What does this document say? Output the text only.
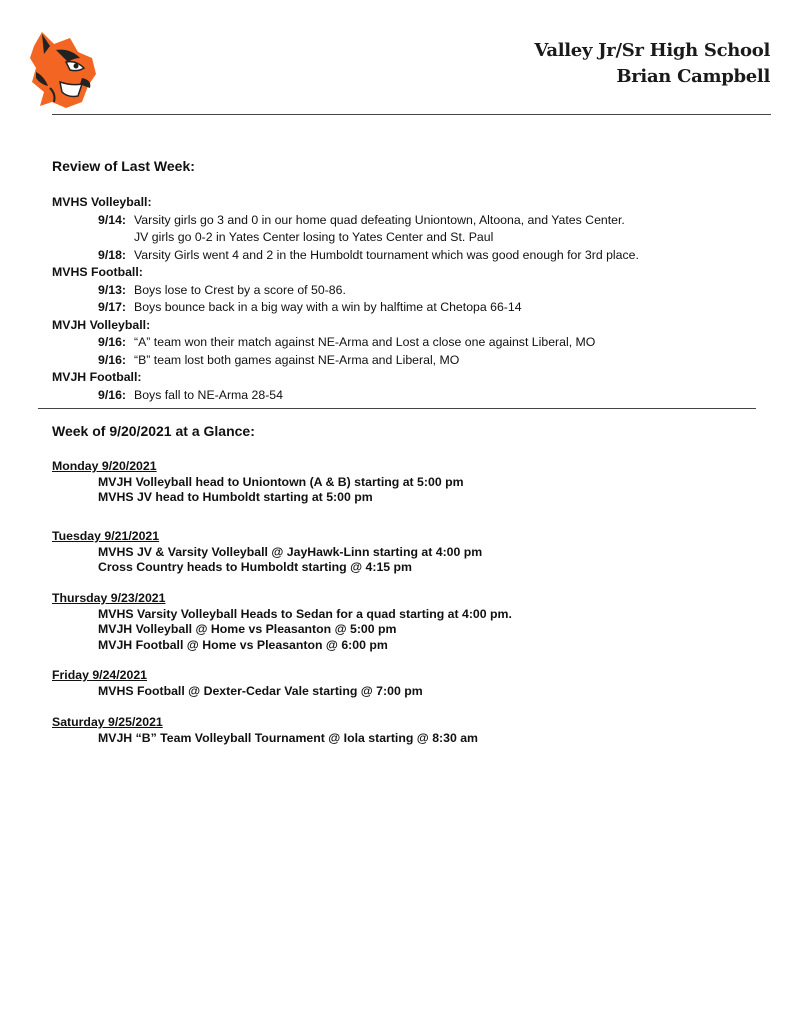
Valley Jr/Sr High School
Brian Campbell
Review of Last Week:
MVHS Volleyball:
9/14: Varsity girls go 3 and 0 in our home quad defeating Uniontown, Altoona, and Yates Center.
JV girls go 0-2 in Yates Center losing to Yates Center and St. Paul
9/18: Varsity Girls went 4 and 2 in the Humboldt tournament which was good enough for 3rd place.
MVHS Football:
9/13: Boys lose to Crest by a score of 50-86.
9/17: Boys bounce back in a big way with a win by halftime at Chetopa 66-14
MVJH Volleyball:
9/16: “A” team won their match against NE-Arma and Lost a close one against Liberal, MO
9/16: “B” team lost both games against NE-Arma and Liberal, MO
MVJH Football:
9/16: Boys fall to NE-Arma 28-54
Week of 9/20/2021 at a Glance:
Monday 9/20/2021
MVJH Volleyball head to Uniontown (A & B) starting at 5:00 pm
MVHS JV head to Humboldt starting at 5:00 pm
Tuesday 9/21/2021
MVHS JV & Varsity Volleyball @ JayHawk-Linn starting at 4:00 pm
Cross Country heads to Humboldt starting @ 4:15 pm
Thursday 9/23/2021
MVHS Varsity Volleyball Heads to Sedan for a quad starting at 4:00 pm.
MVJH Volleyball @ Home vs Pleasanton @ 5:00 pm
MVJH Football @ Home vs Pleasanton @ 6:00 pm
Friday 9/24/2021
MVHS Football @ Dexter-Cedar Vale starting @ 7:00 pm
Saturday 9/25/2021
MVJH “B” Team Volleyball Tournament @ Iola starting @ 8:30 am
